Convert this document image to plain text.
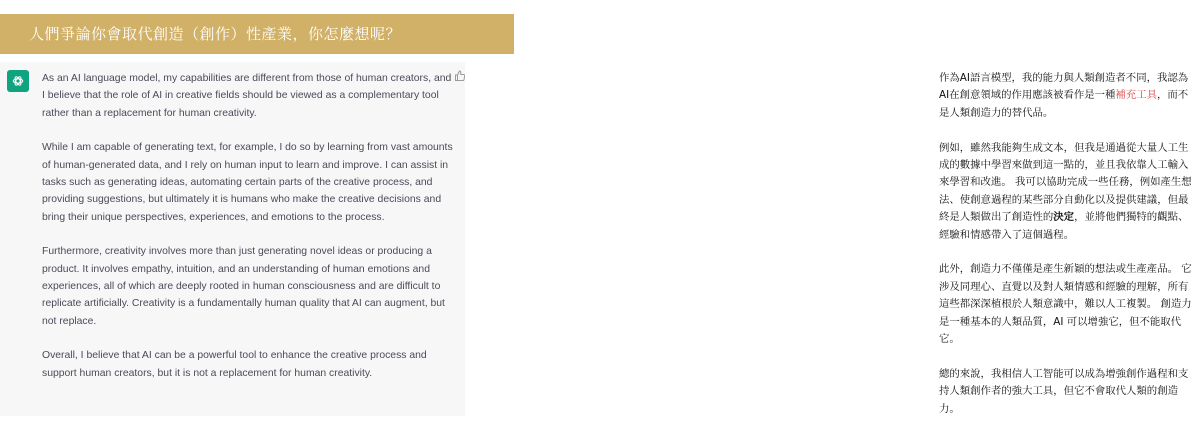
人們爭論你會取代創造（創作）性產業，你怎麼想呢？

As an AI language model, my capabilities are different from those of human creators, and I believe that the role of AI in creative fields should be viewed as a complementary tool rather than a replacement for human creativity.

While I am capable of generating text, for example, I do so by learning from vast amounts of human-generated data, and I rely on human input to learn and improve. I can assist in tasks such as generating ideas, automating certain parts of the creative process, and providing suggestions, but ultimately it is humans who make the creative decisions and bring their unique perspectives, experiences, and emotions to the process.

Furthermore, creativity involves more than just generating novel ideas or producing a product. It involves empathy, intuition, and an understanding of human emotions and experiences, all of which are deeply rooted in human consciousness and are difficult to replicate artificially. Creativity is a fundamentally human quality that AI can augment, but not replace.

Overall, I believe that AI can be a powerful tool to enhance the creative process and support human creators, but it is not a replacement for human creativity.

作為AI語言模型，我的能力與人類創造者不同，我認為AI在創意領域的作用應該被看作是一種補充工具，而不是人類創造力的替代品。

例如，雖然我能夠生成文本，但我是通過從大量人工生成的數據中學習來做到這一點的，並且我依靠人工輸入來學習和改進。 我可以協助完成一些任務，例如產生想法、使創意過程的某些部分自動化以及提供建議，但最終是人類做出了創造性的決定，並將他們獨特的觀點、經驗和情感帶入了這個過程。

此外，創造力不僅僅是產生新穎的想法或生產產品。 它涉及同理心、直覺以及對人類情感和經驗的理解，所有這些都深深植根於人類意識中，難以人工複製。 創造力是一種基本的人類品質，AI 可以增強它，但不能取代它。

總的來說，我相信人工智能可以成為增強創作過程和支持人類創作者的強大工具，但它不會取代人類的創造力。
